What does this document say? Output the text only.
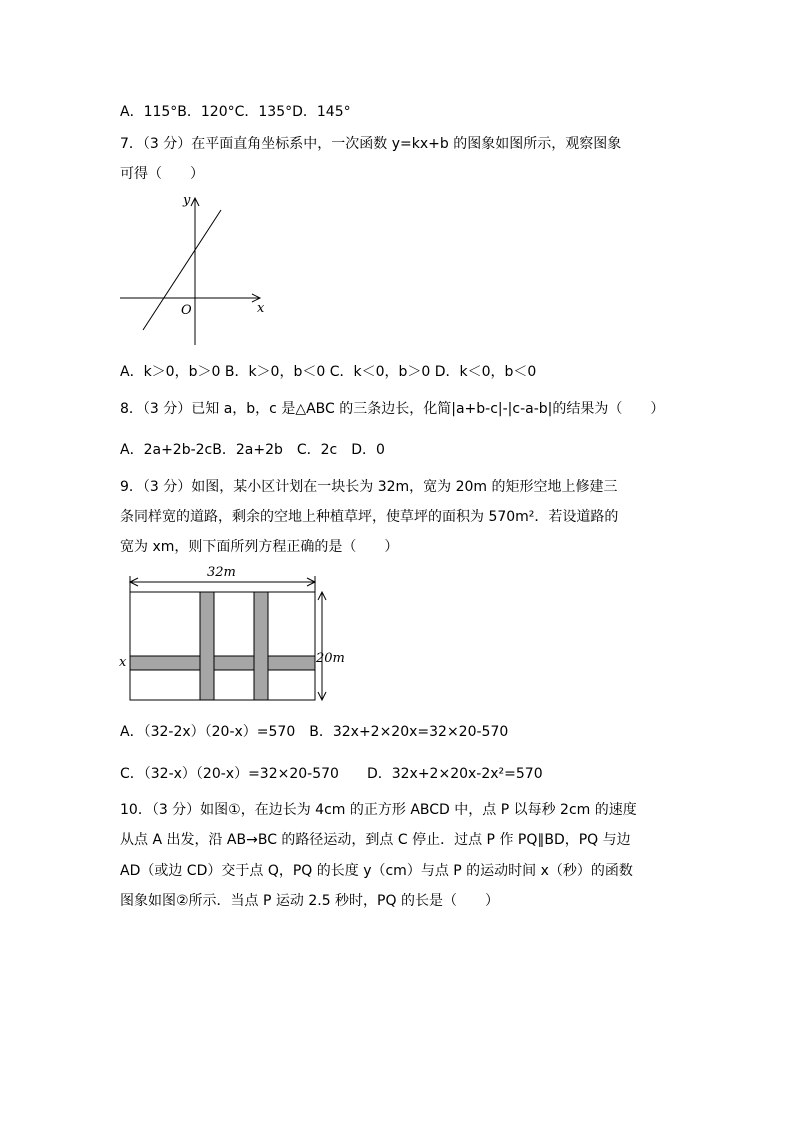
A．115°B．120°C．135°D．145°
7．（3 分）在平面直角坐标系中，一次函数 y=kx+b 的图象如图所示，观察图象
可得（　　）
y
x
O
A．k＞0，b＞0 B．k＞0，b＜0 C．k＜0，b＞0 D．k＜0，b＜0
8．（3 分）已知 a，b，c 是△ABC 的三条边长，化简|a+b-c|-|c-a-b|的结果为（　　）
A．2a+2b-2cB．2a+2b　C．2c　D．0
9．（3 分）如图，某小区计划在一块长为 32m，宽为 20m 的矩形空地上修建三
条同样宽的道路，剩余的空地上种植草坪，使草坪的面积为 570m²．若设道路的
宽为 xm，则下面所列方程正确的是（　　）
32m
20m
x
A．（32-2x）（20-x）=570　B．32x+2×20x=32×20-570
C．（32-x）（20-x）=32×20-570　　D．32x+2×20x-2x²=570
10．（3 分）如图①，在边长为 4cm 的正方形 ABCD 中，点 P 以每秒 2cm 的速度
从点 A 出发，沿 AB→BC 的路径运动，到点 C 停止．过点 P 作 PQ∥BD，PQ 与边
AD（或边 CD）交于点 Q，PQ 的长度 y（cm）与点 P 的运动时间 x（秒）的函数
图象如图②所示．当点 P 运动 2.5 秒时，PQ 的长是（　　）
